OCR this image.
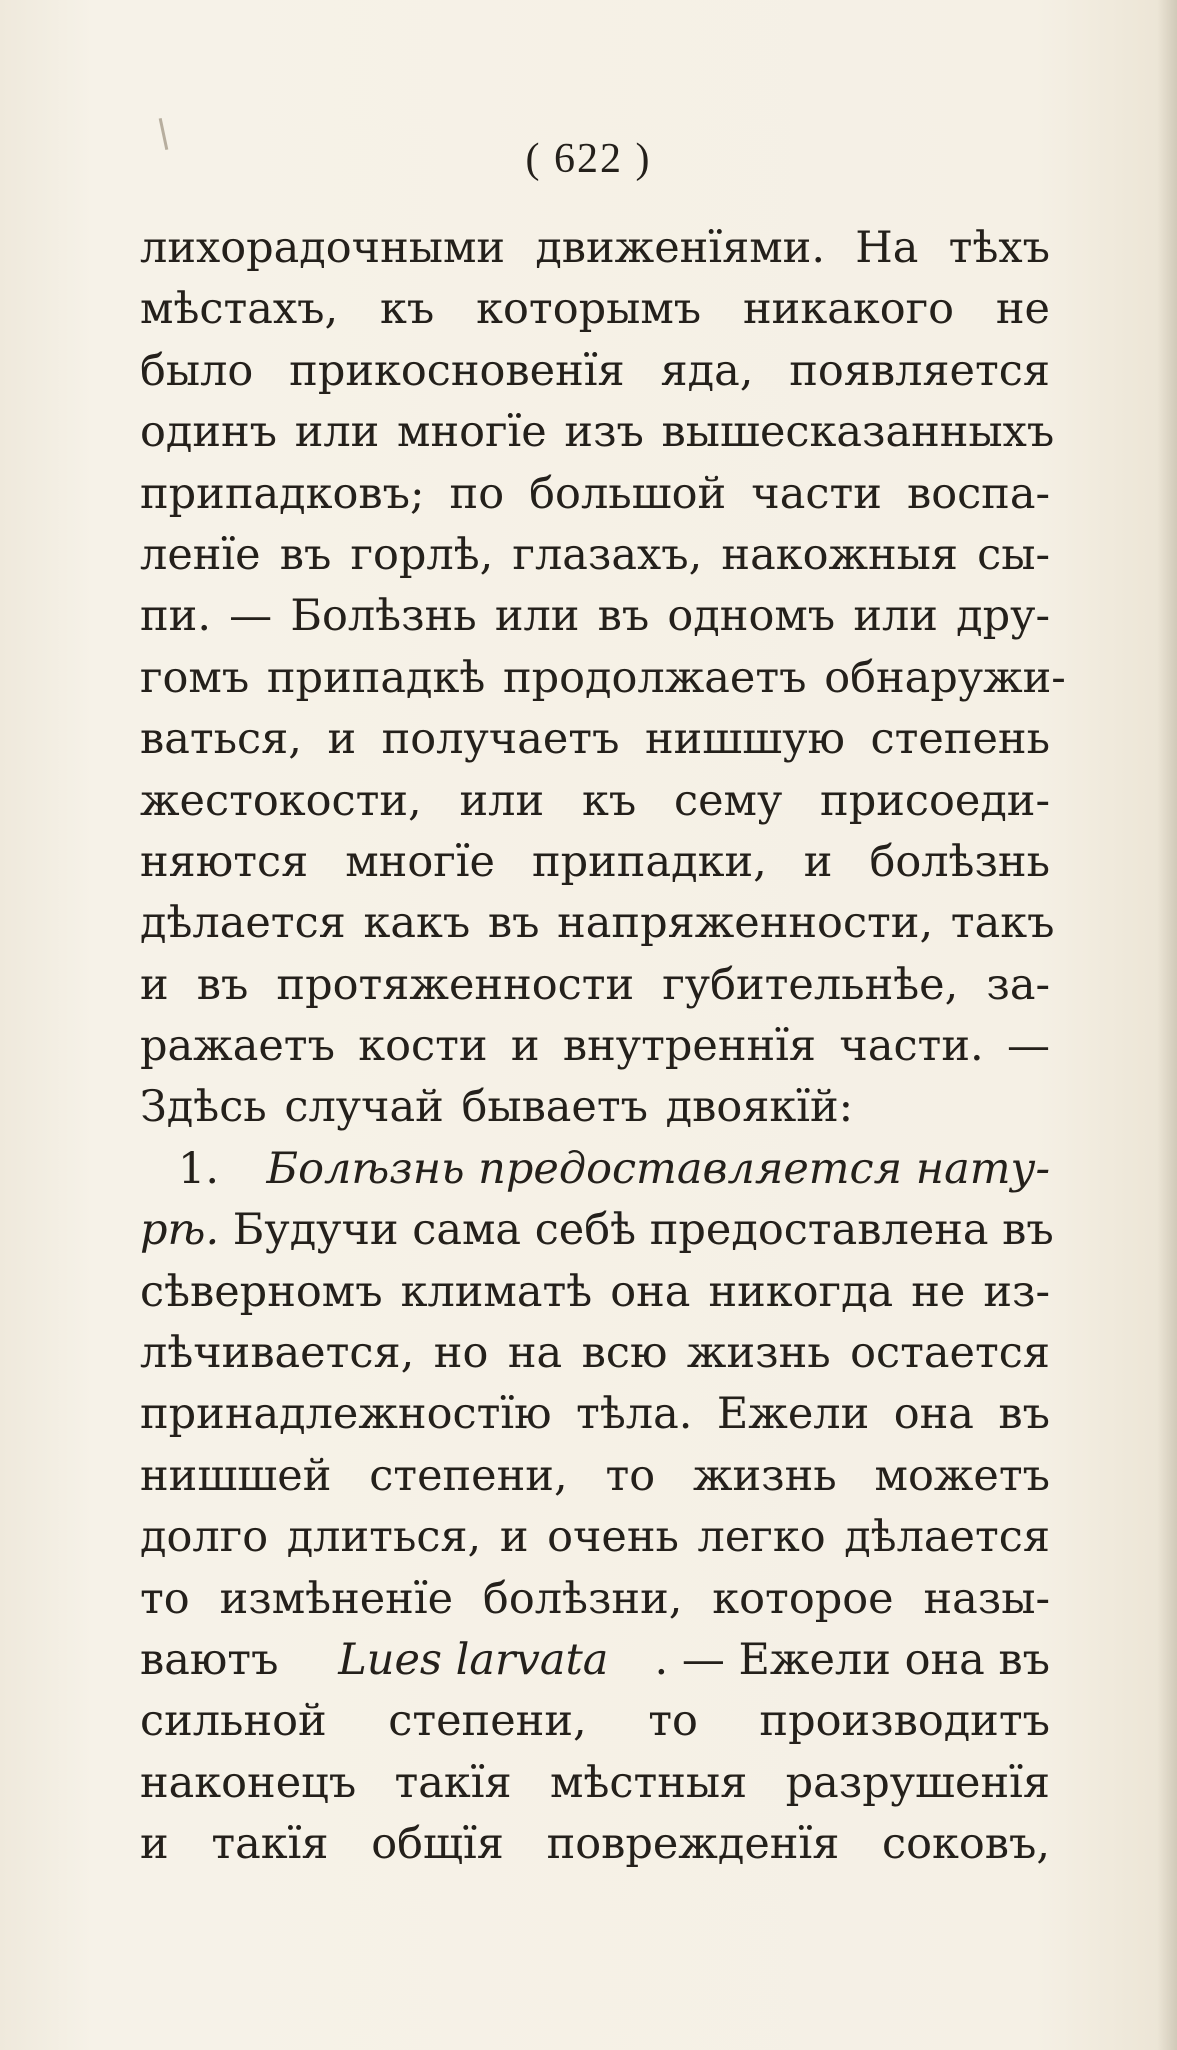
( 622 )
лихорадочными движенїями. На тѣхъ
мѣстахъ, къ которымъ никакого не
было прикосновенїя яда, появляется
одинъ или многїе изъ вышесказанныхъ
припадковъ; по большой части воспа-
ленїе въ горлѣ, глазахъ, накожныя сы-
пи. — Болѣзнь или въ одномъ или дру-
гомъ припадкѣ продолжаетъ обнаружи-
ваться, и получаетъ нишшую степень
жестокости, или къ сему присоеди-
няются многїе припадки, и болѣзнь
дѣлается какъ въ напряженности, такъ
и въ протяженности губительнѣе, за-
ражаетъ кости и внутреннїя части. —
Здѣсь случай бываетъ двоякїй:
1. Болѣзнь предоставляется нату-
рѣ. Будучи сама себѣ предоставлена въ
сѣверномъ климатѣ она никогда не из-
лѣчивается, но на всю жизнь остается
принадлежностїю тѣла. Ежели она въ
нишшей степени, то жизнь можетъ
долго длиться, и очень легко дѣлается
то измѣненїе болѣзни, которое назы-
ваютъ Lues larvata . — Ежели она въ
сильной степени, то производитъ
наконецъ такїя мѣстныя разрушенїя
и такїя общїя поврежденїя соковъ,
